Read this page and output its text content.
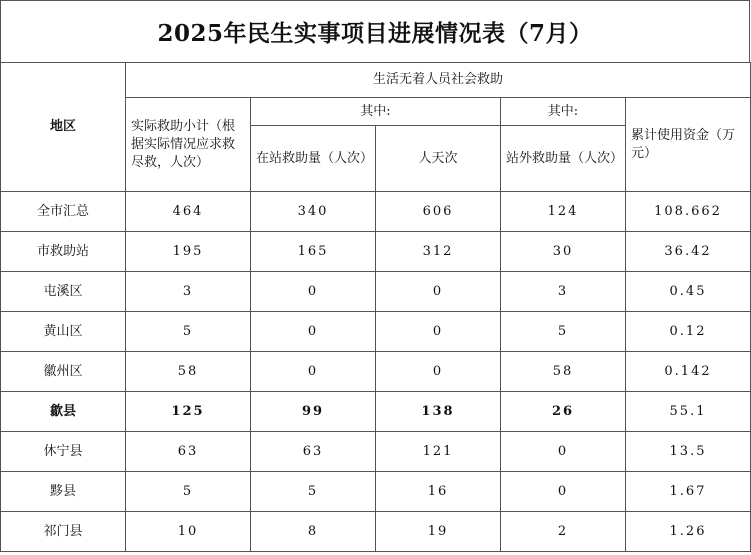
2025年民生实事项目进展情况表（7月）
地区	生活无着人员社会救助				
	实际救助小计（根据实际情况应求救尽救，人次）	其中:		其中:	累计使用资金（万元）
		在站救助量（人次）	人天次	站外救助量（人次）	
全市汇总	464	340	606	124	108.662
市救助站	195	165	312	30	36.42
屯溪区	3	0	0	3	0.45
黄山区	5	0	0	5	0.12
徽州区	58	0	0	58	0.142
歙县	125	99	138	26	55.1
休宁县	63	63	121	0	13.5
黟县	5	5	16	0	1.67
祁门县	10	8	19	2	1.26
